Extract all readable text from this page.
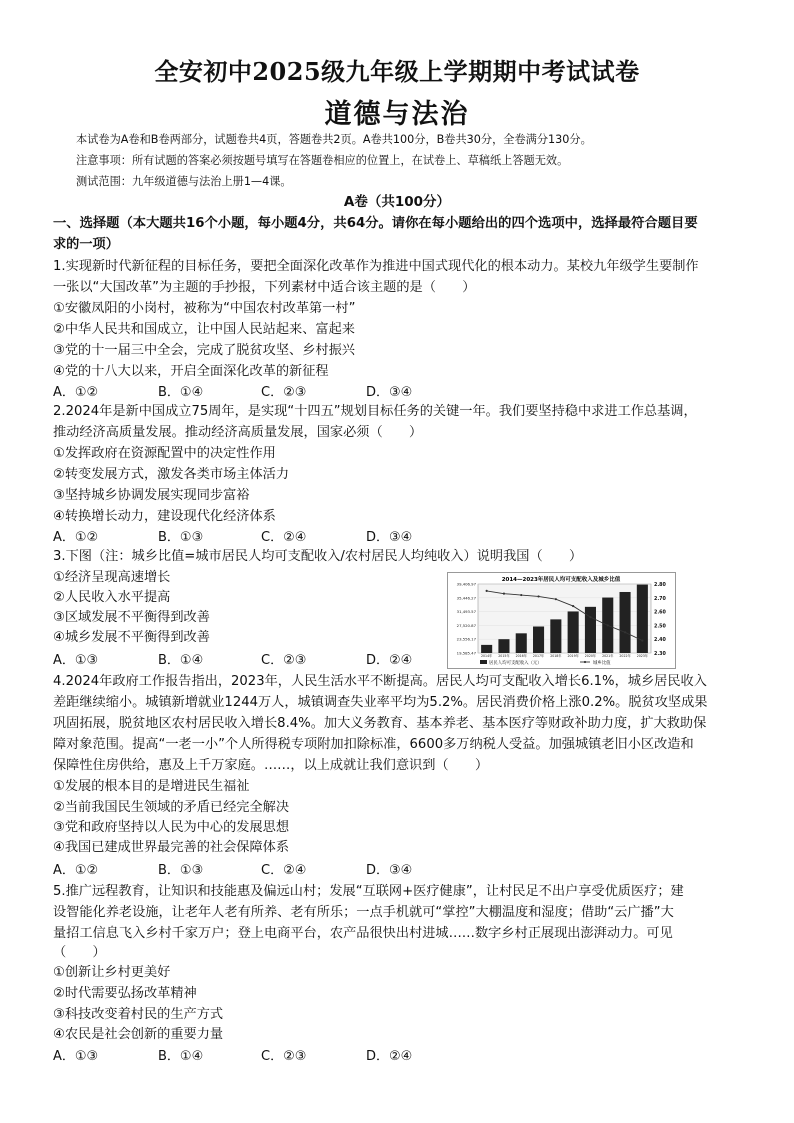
全安初中2025级九年级上学期期中考试试卷
道德与法治
本试卷为A卷和B卷两部分，试题卷共4页，答题卷共2页。A卷共100分，B卷共30分，全卷满分130分。
注意事项：所有试题的答案必须按题号填写在答题卷相应的位置上，在试卷上、草稿纸上答题无效。
测试范围：九年级道德与法治上册1—4课。
A卷（共100分）
一、选择题（本大题共16个小题，每小题4分，共64分。请你在每小题给出的四个选项中，选择最符合题目要
求的一项）
1.实现新时代新征程的目标任务，要把全面深化改革作为推进中国式现代化的根本动力。某校九年级学生要制作
一张以“大国改革”为主题的手抄报，下列素材中适合该主题的是（　　）
①安徽凤阳的小岗村，被称为“中国农村改革第一村”
②中华人民共和国成立，让中国人民站起来、富起来
③党的十一届三中全会，完成了脱贫攻坚、乡村振兴
④党的十八大以来，开启全面深化改革的新征程
A．①②	B．①④	C．②③	D．③④
2.2024年是新中国成立75周年，是实现“十四五”规划目标任务的关键一年。我们要坚持稳中求进工作总基调，
推动经济高质量发展。推动经济高质量发展，国家必须（　　）
①发挥政府在资源配置中的决定性作用
②转变发展方式，激发各类市场主体活力
③坚持城乡协调发展实现同步富裕
④转换增长动力，建设现代化经济体系
A．①②	B．①③	C．②④	D．③④
3.下图（注：城乡比值=城市居民人均可支配收入/农村居民人均纯收入）说明我国（　　）
①经济呈现高速增长
②人民收入水平提高
③区域发展不平衡得到改善
④城乡发展不平衡得到改善
A．①③	B．①④	C．②③	D．②④
2014—2023年居民人均可支配收入及城乡比值
39,406.97
35,446.27
31,493.57
27,520.87
23,556.17
19,585.47
2.80
2.70
2.60
2.50
2.40
2.30
2014年 2015年 2016年 2017年 2018年 2019年 2020年 2021年 2022年 2023年
居民人均可支配收入（元）	城乡比值
4.2024年政府工作报告指出，2023年，人民生活水平不断提高。居民人均可支配收入增长6.1%，城乡居民收入
差距继续缩小。城镇新增就业1244万人，城镇调查失业率平均为5.2%。居民消费价格上涨0.2%。脱贫攻坚成果
巩固拓展，脱贫地区农村居民收入增长8.4%。加大义务教育、基本养老、基本医疗等财政补助力度，扩大救助保
障对象范围。提高“一老一小”个人所得税专项附加扣除标准，6600多万纳税人受益。加强城镇老旧小区改造和
保障性住房供给，惠及上千万家庭。……，以上成就让我们意识到（　　）
①发展的根本目的是增进民生福祉
②当前我国民生领域的矛盾已经完全解决
③党和政府坚持以人民为中心的发展思想
④我国已建成世界最完善的社会保障体系
A．①②	B．①③	C．②④	D．③④
5.推广远程教育，让知识和技能惠及偏远山村；发展“互联网+医疗健康”，让村民足不出户享受优质医疗；建
设智能化养老设施，让老年人老有所养、老有所乐；一点手机就可“掌控”大棚温度和湿度；借助“云广播”大
量招工信息飞入乡村千家万户；登上电商平台，农产品很快出村进城……数字乡村正展现出澎湃动力。可见
（　　）
①创新让乡村更美好
②时代需要弘扬改革精神
③科技改变着村民的生产方式
④农民是社会创新的重要力量
A．①③	B．①④	C．②③	D．②④
